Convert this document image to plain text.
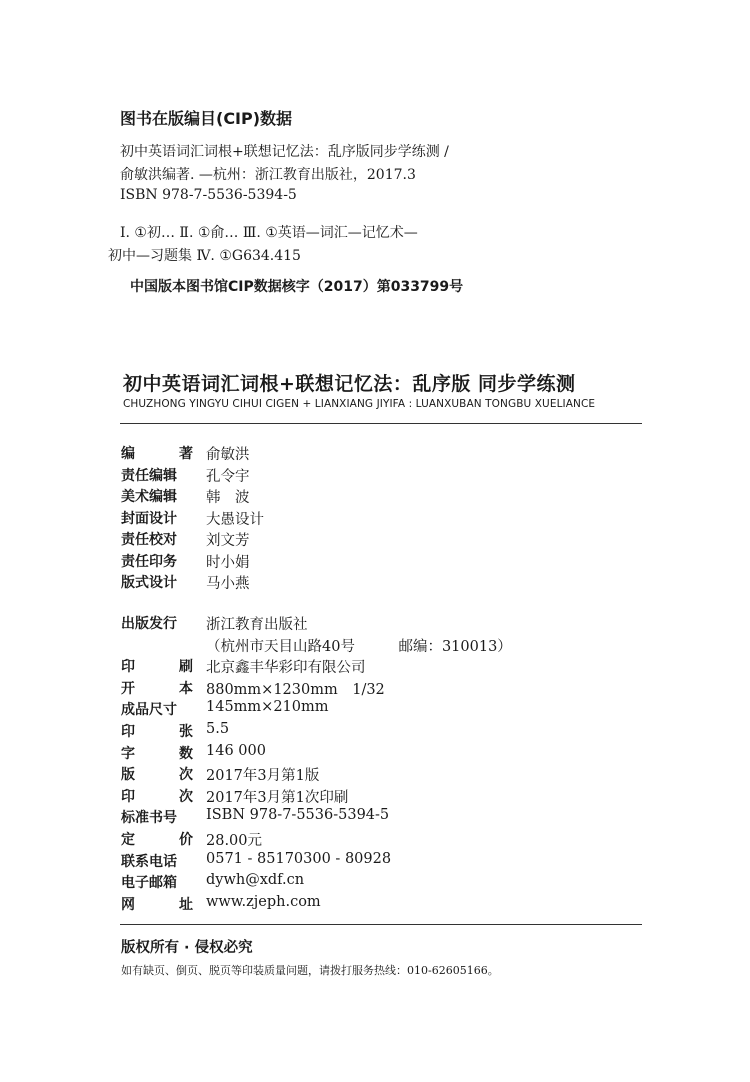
图书在版编目(CIP)数据
初中英语词汇词根+联想记忆法：乱序版同步学练测 /
俞敏洪编著. —杭州：浙江教育出版社，2017.3
ISBN 978-7-5536-5394-5
Ⅰ. ①初… Ⅱ. ①俞… Ⅲ. ①英语—词汇—记忆术—
初中—习题集 Ⅳ. ①G634.415
中国版本图书馆CIP数据核字（2017）第033799号
初中英语词汇词根+联想记忆法：乱序版 同步学练测
CHUZHONG YINGYU CIHUI CIGEN + LIANXIANG JIYIFA : LUANXUBAN TONGBU XUELIANCE
编	著 俞敏洪
责任编辑	孔令宇
美术编辑	韩　波
封面设计	大愚设计
责任校对	刘文芳
责任印务	时小娟
版式设计	马小燕
出版发行	浙江教育出版社
（杭州市天目山路40号　　　邮编：310013）
印	刷 北京鑫丰华彩印有限公司
开	本 880mm×1230mm　1/32
成品尺寸	145mm×210mm
印	张 5.5
字	数 146 000
版	次 2017年3月第1版
印	次 2017年3月第1次印刷
标准书号	ISBN 978-7-5536-5394-5
定	价 28.00元
联系电话	0571 - 85170300 - 80928
电子邮箱	dywh@xdf.cn
网	址 www.zjeph.com
版权所有 · 侵权必究
如有缺页、倒页、脱页等印装质量问题，请拨打服务热线：010-62605166。
